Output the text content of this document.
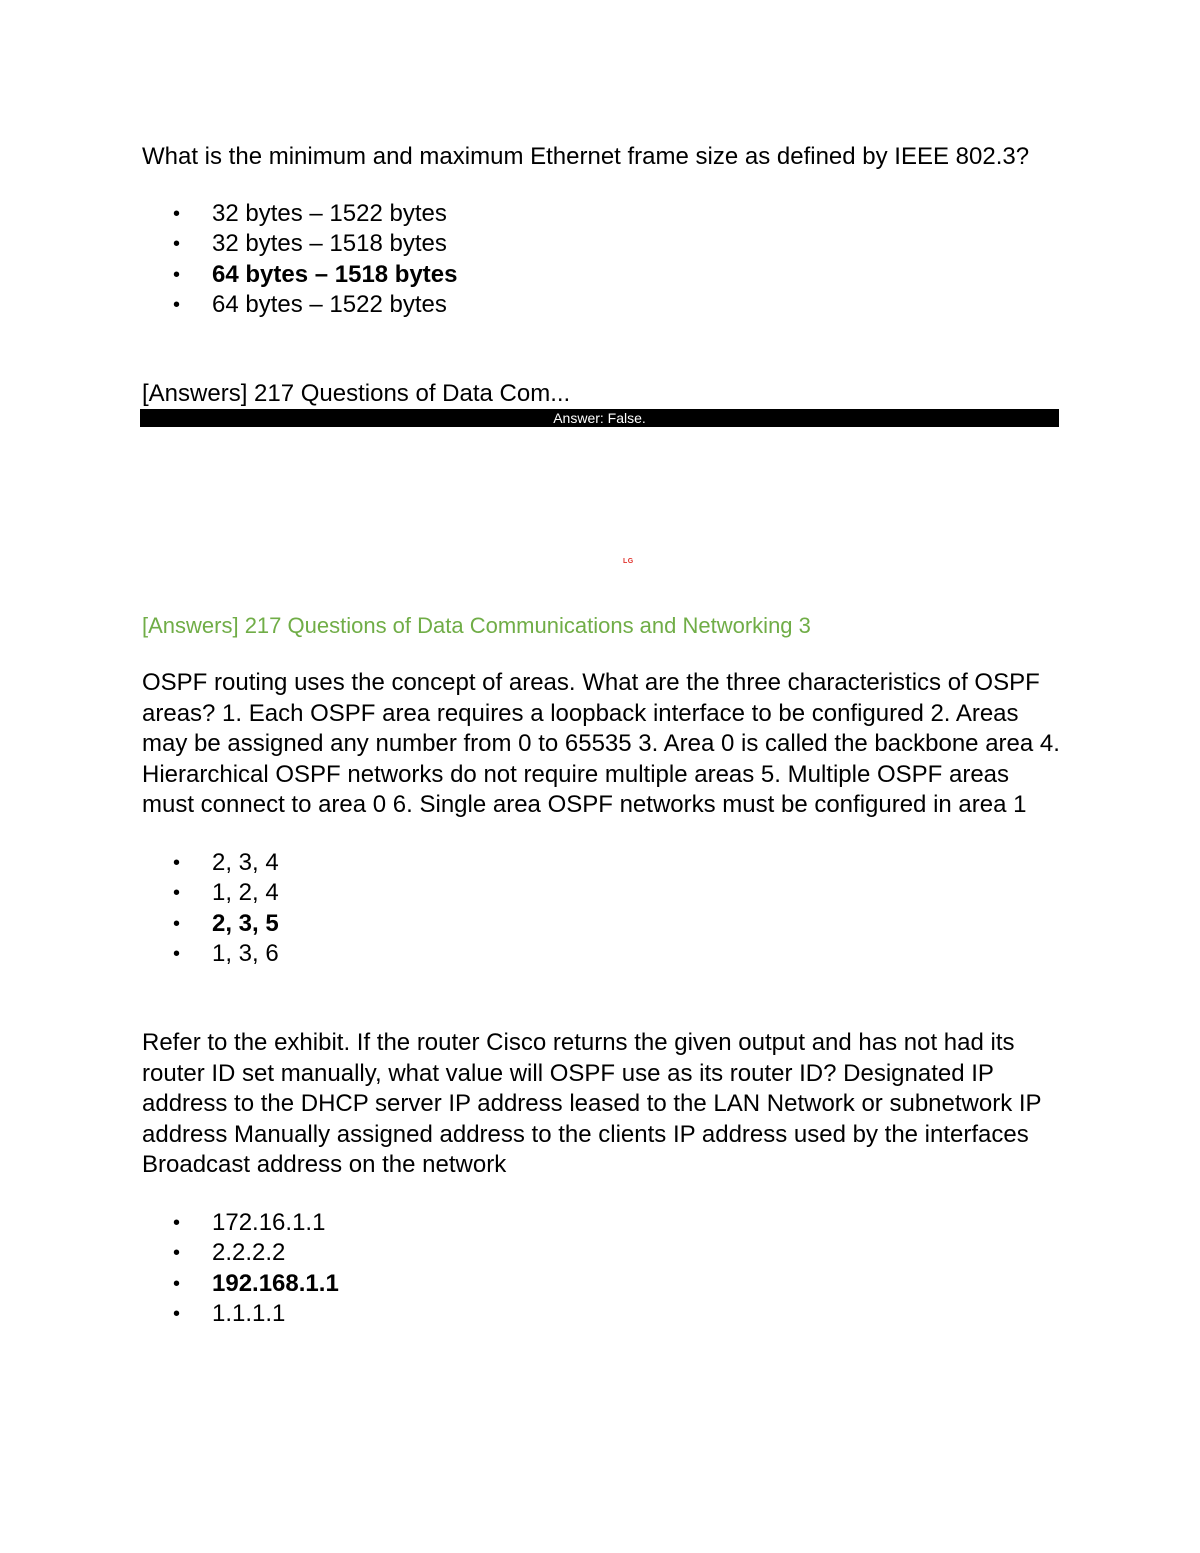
What is the minimum and maximum Ethernet frame size as defined by IEEE 802.3?

• 32 bytes – 1522 bytes
• 32 bytes – 1518 bytes
• 64 bytes – 1518 bytes
• 64 bytes – 1522 bytes
[Answers] 217 Questions of Data Com...
Answer: False.
LG
[Answers] 217 Questions of Data Communications and Networking 3

OSPF routing uses the concept of areas. What are the three characteristics of OSPF areas? 1. Each OSPF area requires a loopback interface to be configured 2. Areas may be assigned any number from 0 to 65535 3. Area 0 is called the backbone area 4. Hierarchical OSPF networks do not require multiple areas 5. Multiple OSPF areas must connect to area 0 6. Single area OSPF networks must be configured in area 1

• 2, 3, 4
• 1, 2, 4
• 2, 3, 5
• 1, 3, 6

Refer to the exhibit. If the router Cisco returns the given output and has not had its router ID set manually, what value will OSPF use as its router ID? Designated IP address to the DHCP server IP address leased to the LAN Network or subnetwork IP address Manually assigned address to the clients IP address used by the interfaces Broadcast address on the network

• 172.16.1.1
• 2.2.2.2
• 192.168.1.1
• 1.1.1.1
